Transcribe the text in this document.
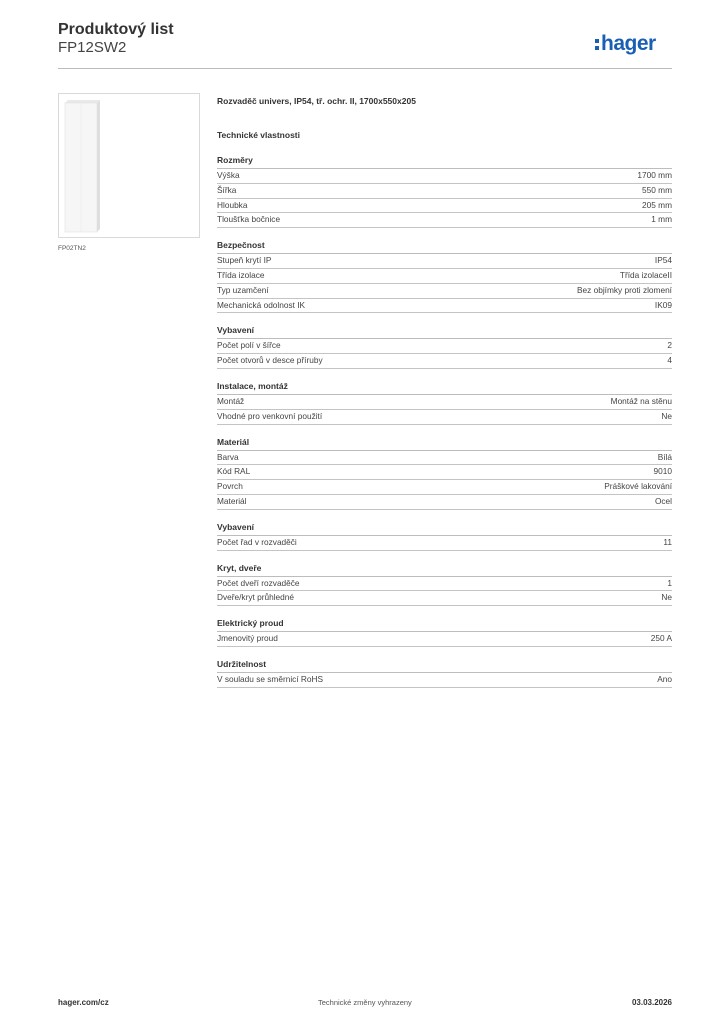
Produktový list
FP12SW2	hager
FP02TN2

Rozvaděč univers, IP54, tř. ochr. II, 1700x550x205

Technické vlastnosti
Rozměry
Výška	1700 mm
Šířka	550 mm
Hloubka	205 mm
Tloušťka bočnice	1 mm
Bezpečnost
Stupeň krytí IP	IP54
Třída izolace	Třída izolaceII
Typ uzamčení	Bez objímky proti zlomení
Mechanická odolnost IK	IK09
Vybavení
Počet polí v šířce	2
Počet otvorů v desce příruby	4
Instalace, montáž
Montáž	Montáž na stěnu
Vhodné pro venkovní použití	Ne
Materiál
Barva	Bílá
Kód RAL	9010
Povrch	Práškové lakování
Materiál	Ocel
Vybavení
Počet řad v rozvaděči	11
Kryt, dveře
Počet dveří rozvaděče	1
Dveře/kryt průhledné	Ne
Elektrický proud
Jmenovitý proud	250 A
Udržitelnost
V souladu se směrnicí RoHS	Ano
hager.com/cz	Technické změny vyhrazeny	03.03.2026
